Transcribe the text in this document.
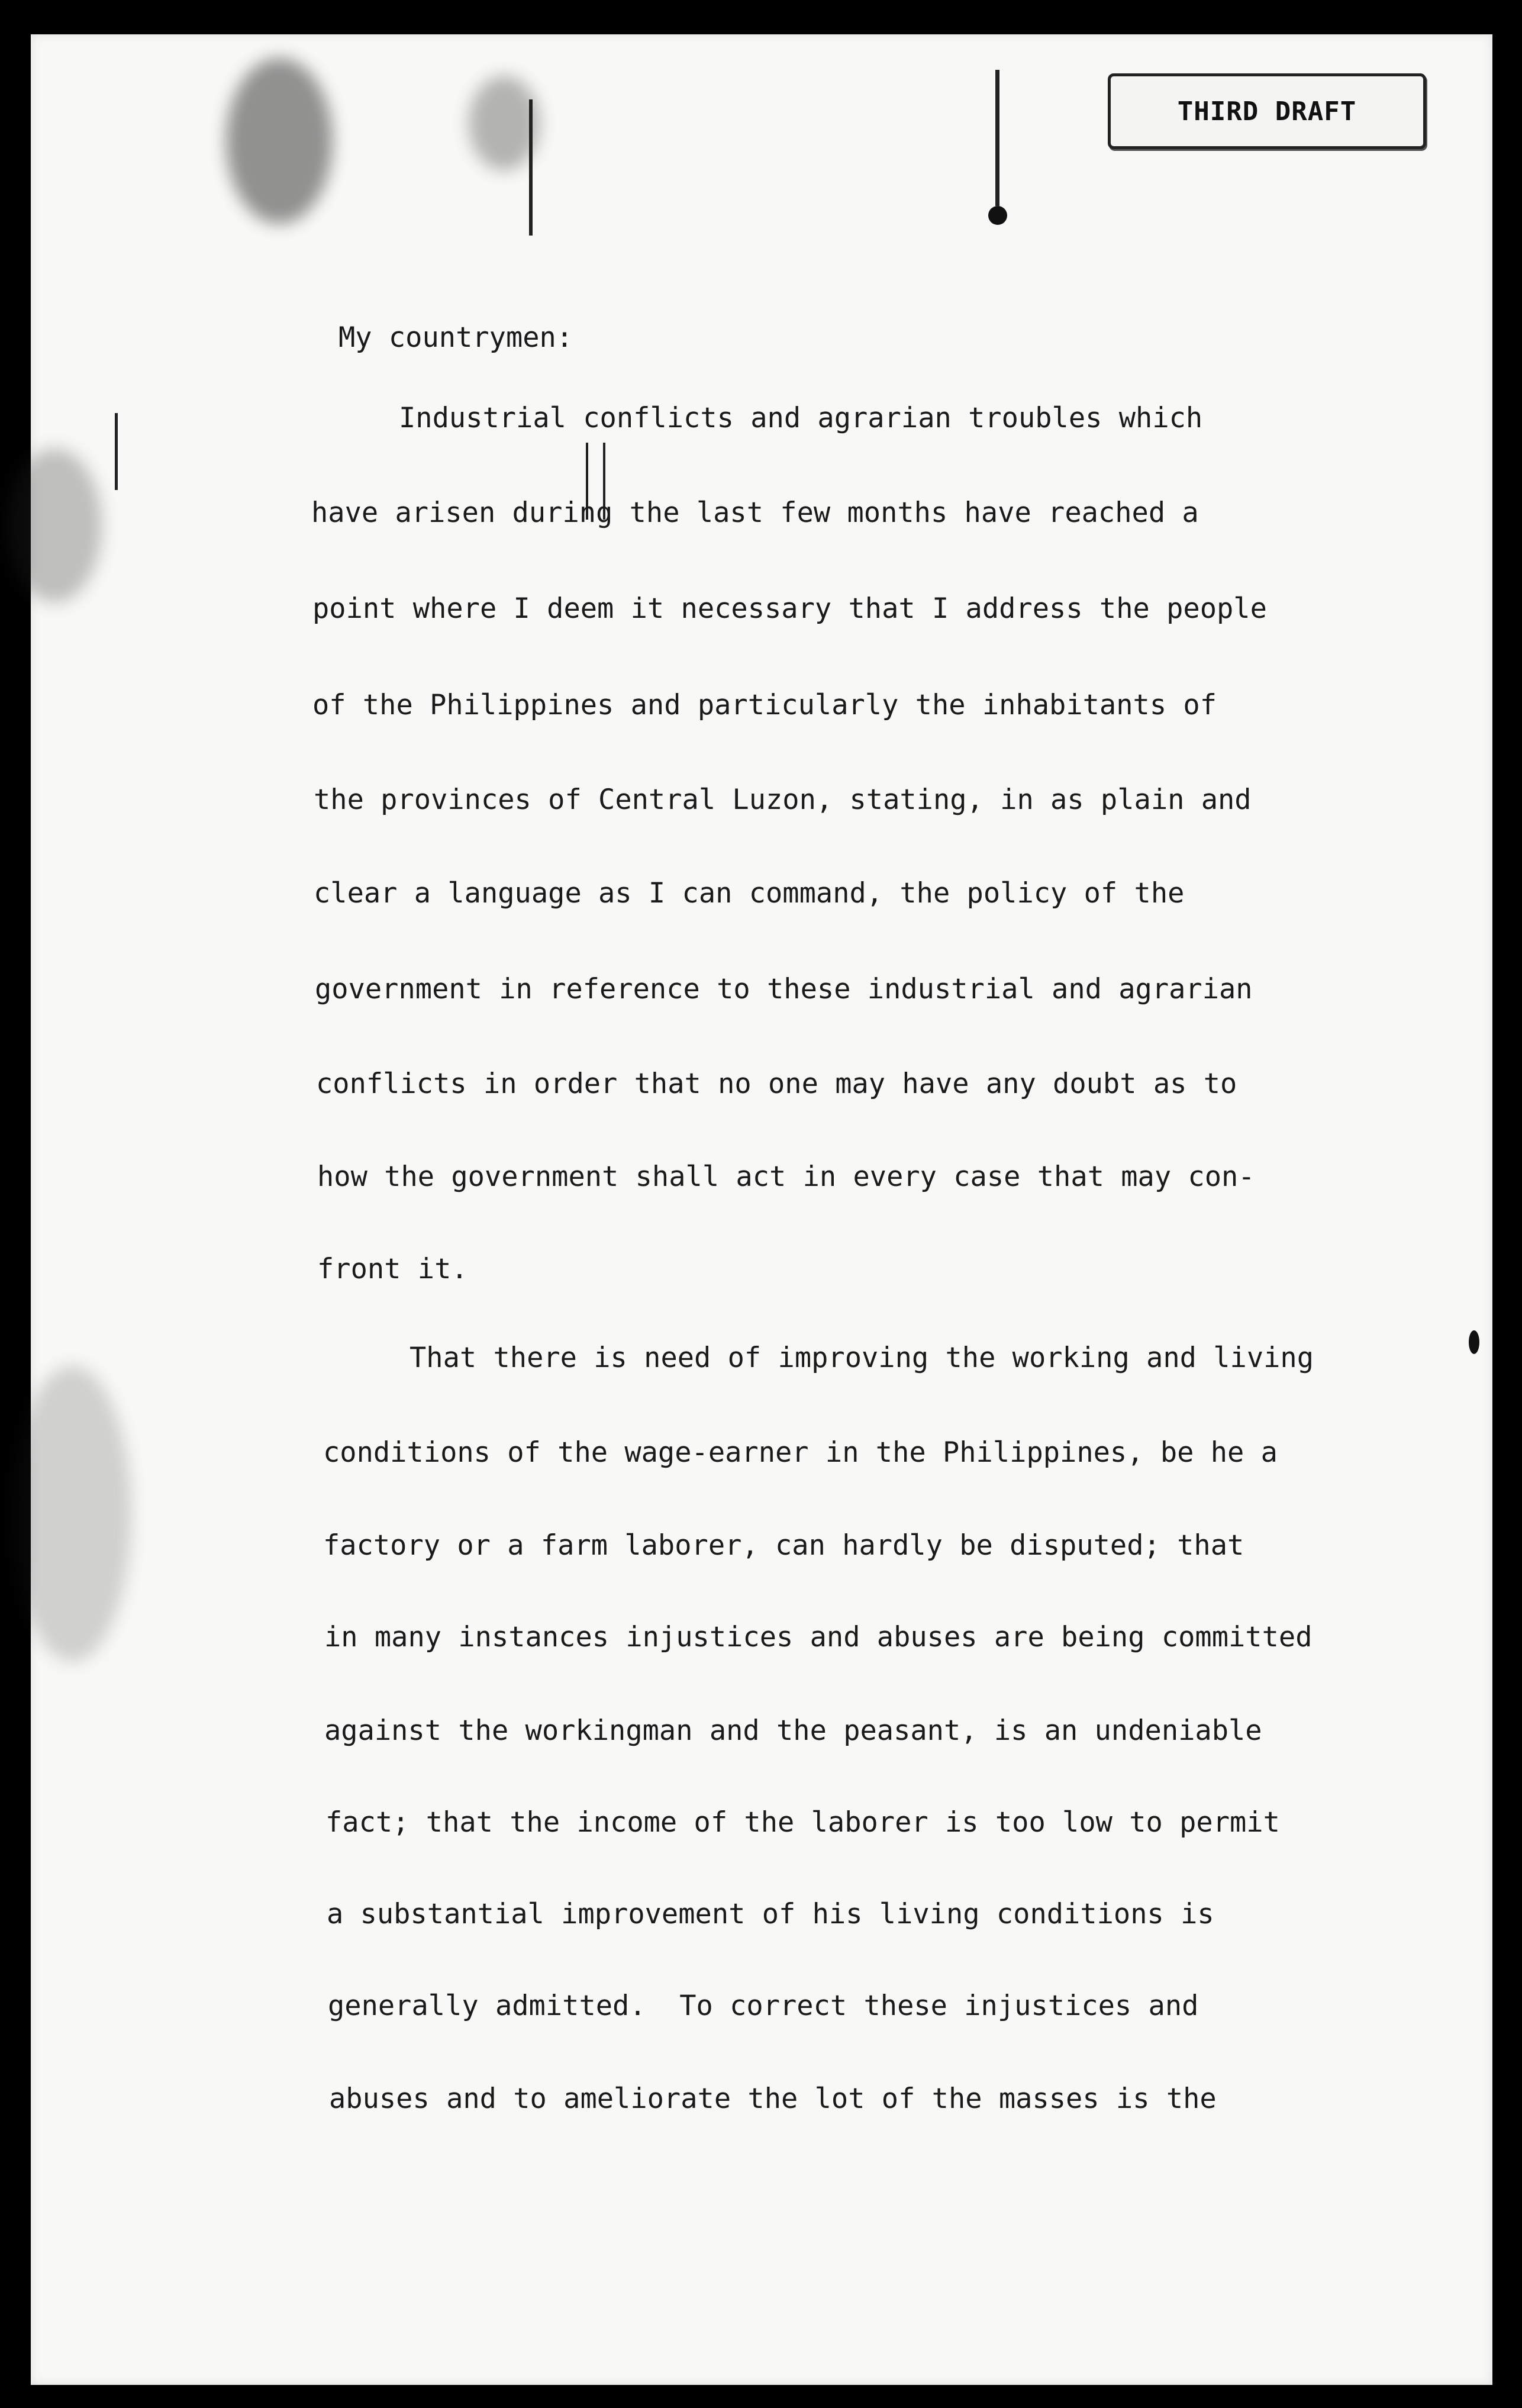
THIRD DRAFT

My countrymen:

Industrial conflicts and agrarian troubles which

have arisen during the last few months have reached a

point where I deem it necessary that I address the people

of the Philippines and particularly the inhabitants of

the provinces of Central Luzon, stating, in as plain and

clear a language as I can command, the policy of the

government in reference to these industrial and agrarian

conflicts in order that no one may have any doubt as to

how the government shall act in every case that may con-

front it.

That there is need of improving the working and living

conditions of the wage-earner in the Philippines, be he a

factory or a farm laborer, can hardly be disputed; that

in many instances injustices and abuses are being committed

against the workingman and the peasant, is an undeniable

fact; that the income of the laborer is too low to permit

a substantial improvement of his living conditions is

generally admitted.  To correct these injustices and

abuses and to ameliorate the lot of the masses is the
